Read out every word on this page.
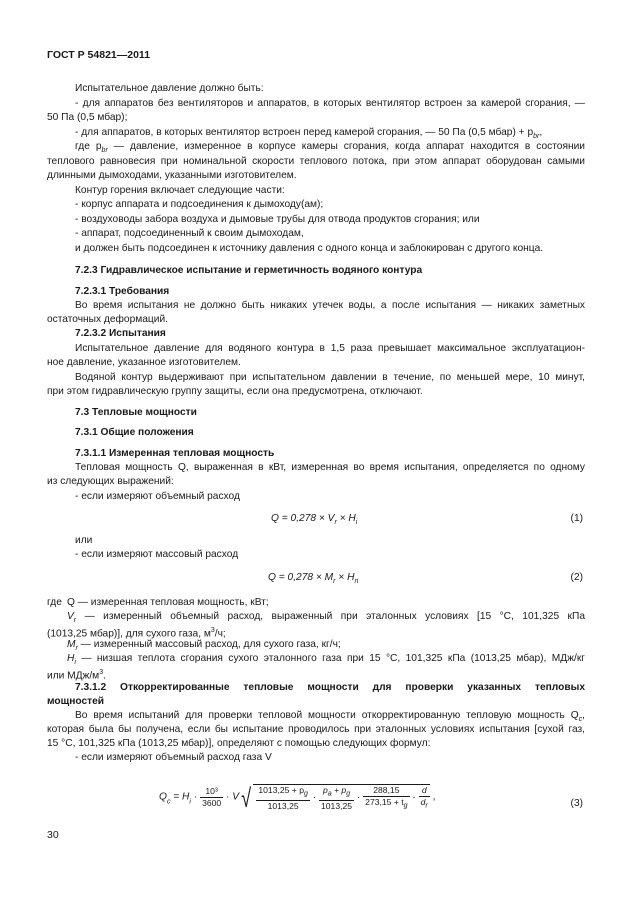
ГОСТ Р 54821—2011
Испытательное давление должно быть:
- для аппаратов без вентиляторов и аппаратов, в которых вентилятор встроен за камерой сгорания, —
50 Па (0,5 мбар);
- для аппаратов, в которых вентилятор встроен перед камерой сгорания, — 50 Па (0,5 мбар) + $p_{br}$,
где $p_{br}$ — давление, измеренное в корпусе камеры сгорания, когда аппарат находится в состоянии
теплового равновесия при номинальной скорости теплового потока, при этом аппарат оборудован самыми
длинными дымоходами, указанными изготовителем.
Контур горения включает следующие части:
- корпус аппарата и подсоединения к дымоходу(ам);
- воздуховоды забора воздуха и дымовые трубы для отвода продуктов сгорания; или
- аппарат, подсоединенный к своим дымоходам,
и должен быть подсоединен к источнику давления с одного конца и заблокирован с другого конца.
7.2.3 Гидравлическое испытание и герметичность водяного контура
7.2.3.1 Требования
Во время испытания не должно быть никаких утечек воды, а после испытания — никаких заметных
остаточных деформаций.
7.2.3.2 Испытания
Испытательное давление для водяного контура в 1,5 раза превышает максимальное эксплуатацион-
ное давление, указанное изготовителем.
Водяной контур выдерживают при испытательном давлении в течение, по меньшей мере, 10 минут,
при этом гидравлическую группу защиты, если она предусмотрена, отключают.
7.3 Тепловые мощности
7.3.1 Общие положения
7.3.1.1 Измеренная тепловая мощность
Тепловая мощность Q, выраженная в кВт, измеренная во время испытания, определяется по одному
из следующих выражений:
- если измеряют объемный расход
$Q = 0,278 \times V_r \times H_i$	(1)
или
- если измеряют массовый расход
$Q = 0,278 \times M_r \times H_n$	(2)
где Q — измеренная тепловая мощность, кВт;
$V_r$ — измеренный объемный расход, выраженный при эталонных условиях [15 °С, 101,325 кПа
(1013,25 мбар)], для сухого газа, $м^3/ч$;
$M_r$ — измеренный массовый расход, для сухого газа, кг/ч;
$H_i$ — низшая теплота сгорания сухого эталонного газа при 15 °С, 101,325 кПа (1013,25 мбар), МДж/кг
или МДж/$м^3$.
7.3.1.2 Откорректированные тепловые мощности для проверки указанных тепловых
мощностей
Во время испытаний для проверки тепловой мощности откорректированную тепловую мощность $Q_c$,
которая была бы получена, если бы испытание проводилось при эталонных условиях испытания [сухой газ,
15 °С, 101,325 кПа (1013,25 мбар)], определяют с помощью следующих формул:
- если измеряют объемный расход газа V
$Q_c = H_i \cdot \frac{\text{10³}}{3600} \cdot V√ \frac{1013,25 + p_g}{1013,25} \cdot \frac{p_a + p_g}{1013,25} \cdot \frac{288,15}{273,15 + t_g} \cdot \frac{d}{d_r}$ ,
(3)
30
